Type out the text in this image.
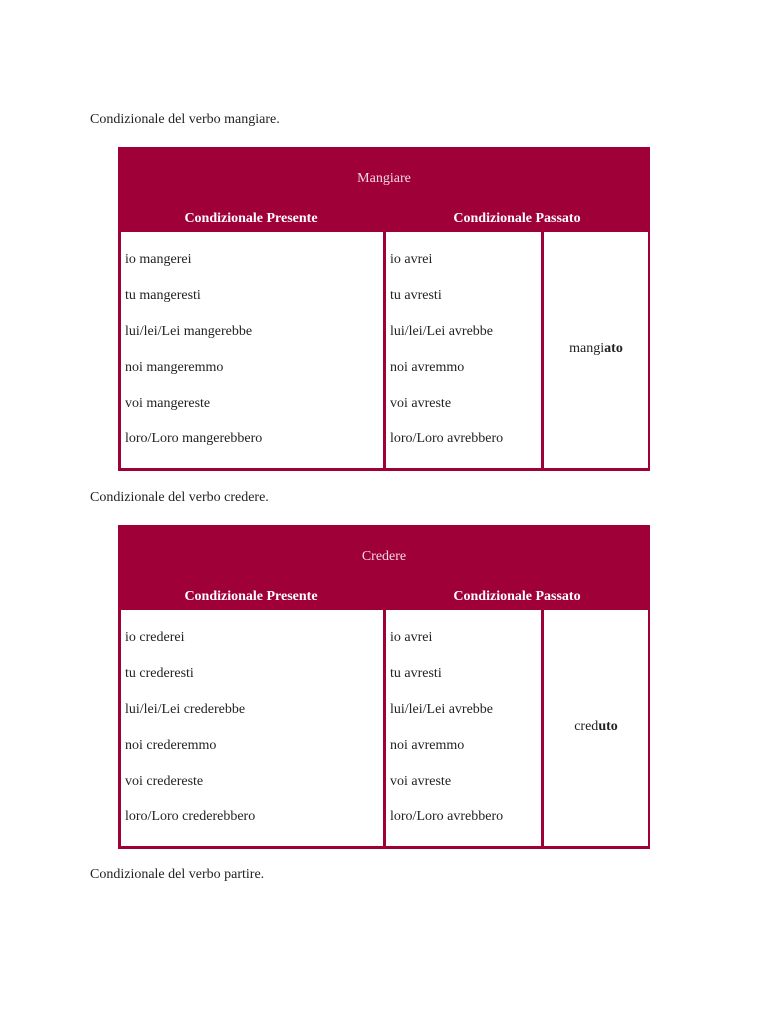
Condizionale del verbo mangiare.
Mangiare
Condizionale Presente	Condizionale Passato
io mangerei
tu mangeresti
lui/lei/Lei mangerebbe
noi mangeremmo
voi mangereste
loro/Loro mangerebbero
io avrei
tu avresti
lui/lei/Lei avrebbe
noi avremmo
voi avreste
loro/Loro avrebbero
mangiato
Condizionale del verbo credere.
Credere
Condizionale Presente	Condizionale Passato
io crederei
tu crederesti
lui/lei/Lei crederebbe
noi crederemmo
voi credereste
loro/Loro crederebbero
io avrei
tu avresti
lui/lei/Lei avrebbe
noi avremmo
voi avreste
loro/Loro avrebbero
creduto
Condizionale del verbo partire.
